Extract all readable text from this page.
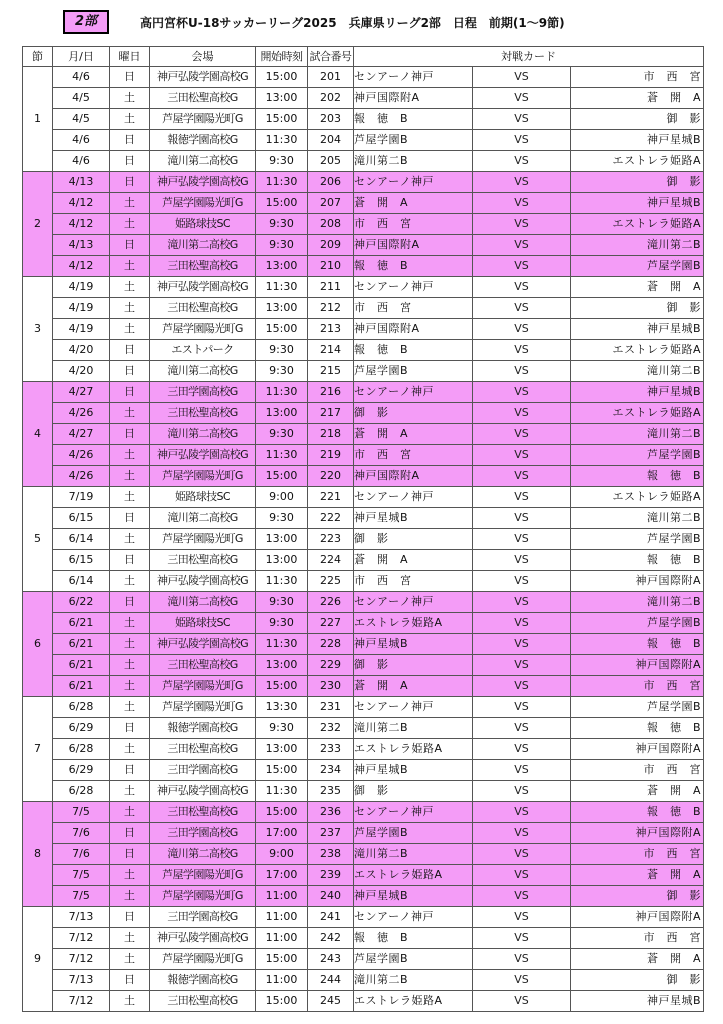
2部	高円宮杯U-18サッカーリーグ2025　兵庫県リーグ2部　日程　前期(1〜9節)
節	月/日	曜日	会場	開始時刻	試合番号	対戦カード		
1	4/6	日	神戸弘陵学園高校G	15:00	201	センアーノ神戸	VS	市　西　宮
	4/5	土	三田松聖高校G	13:00	202	神戸国際附A	VS	蒼　開　A
	4/5	土	芦屋学園陽光町G	15:00	203	報　徳　B	VS	御　影
	4/6	日	報徳学園高校G	11:30	204	芦屋学園B	VS	神戸星城B
	4/6	日	滝川第二高校G	9:30	205	滝川第二B	VS	エストレラ姫路A
2	4/13	日	神戸弘陵学園高校G	11:30	206	センアーノ神戸	VS	御　影
	4/12	土	芦屋学園陽光町G	15:00	207	蒼　開　A	VS	神戸星城B
	4/12	土	姫路球技SC	9:30	208	市　西　宮	VS	エストレラ姫路A
	4/13	日	滝川第二高校G	9:30	209	神戸国際附A	VS	滝川第二B
	4/12	土	三田松聖高校G	13:00	210	報　徳　B	VS	芦屋学園B
3	4/19	土	神戸弘陵学園高校G	11:30	211	センアーノ神戸	VS	蒼　開　A
	4/19	土	三田松聖高校G	13:00	212	市　西　宮	VS	御　影
	4/19	土	芦屋学園陽光町G	15:00	213	神戸国際附A	VS	神戸星城B
	4/20	日	エストパーク	9:30	214	報　徳　B	VS	エストレラ姫路A
	4/20	日	滝川第二高校G	9:30	215	芦屋学園B	VS	滝川第二B
4	4/27	日	三田学園高校G	11:30	216	センアーノ神戸	VS	神戸星城B
	4/26	土	三田松聖高校G	13:00	217	御　影	VS	エストレラ姫路A
	4/27	日	滝川第二高校G	9:30	218	蒼　開　A	VS	滝川第二B
	4/26	土	神戸弘陵学園高校G	11:30	219	市　西　宮	VS	芦屋学園B
	4/26	土	芦屋学園陽光町G	15:00	220	神戸国際附A	VS	報　徳　B
5	7/19	土	姫路球技SC	9:00	221	センアーノ神戸	VS	エストレラ姫路A
	6/15	日	滝川第二高校G	9:30	222	神戸星城B	VS	滝川第二B
	6/14	土	芦屋学園陽光町G	13:00	223	御　影	VS	芦屋学園B
	6/15	日	三田松聖高校G	13:00	224	蒼　開　A	VS	報　徳　B
	6/14	土	神戸弘陵学園高校G	11:30	225	市　西　宮	VS	神戸国際附A
6	6/22	日	滝川第二高校G	9:30	226	センアーノ神戸	VS	滝川第二B
	6/21	土	姫路球技SC	9:30	227	エストレラ姫路A	VS	芦屋学園B
	6/21	土	神戸弘陵学園高校G	11:30	228	神戸星城B	VS	報　徳　B
	6/21	土	三田松聖高校G	13:00	229	御　影	VS	神戸国際附A
	6/21	土	芦屋学園陽光町G	15:00	230	蒼　開　A	VS	市　西　宮
7	6/28	土	芦屋学園陽光町G	13:30	231	センアーノ神戸	VS	芦屋学園B
	6/29	日	報徳学園高校G	9:30	232	滝川第二B	VS	報　徳　B
	6/28	土	三田松聖高校G	13:00	233	エストレラ姫路A	VS	神戸国際附A
	6/29	日	三田学園高校G	15:00	234	神戸星城B	VS	市　西　宮
	6/28	土	神戸弘陵学園高校G	11:30	235	御　影	VS	蒼　開　A
8	7/5	土	三田松聖高校G	15:00	236	センアーノ神戸	VS	報　徳　B
	7/6	日	三田学園高校G	17:00	237	芦屋学園B	VS	神戸国際附A
	7/6	日	滝川第二高校G	9:00	238	滝川第二B	VS	市　西　宮
	7/5	土	芦屋学園陽光町G	17:00	239	エストレラ姫路A	VS	蒼　開　A
	7/5	土	芦屋学園陽光町G	11:00	240	神戸星城B	VS	御　影
9	7/13	日	三田学園高校G	11:00	241	センアーノ神戸	VS	神戸国際附A
	7/12	土	神戸弘陵学園高校G	11:00	242	報　徳　B	VS	市　西　宮
	7/12	土	芦屋学園陽光町G	15:00	243	芦屋学園B	VS	蒼　開　A
	7/13	日	報徳学園高校G	11:00	244	滝川第二B	VS	御　影
	7/12	土	三田松聖高校G	15:00	245	エストレラ姫路A	VS	神戸星城B
